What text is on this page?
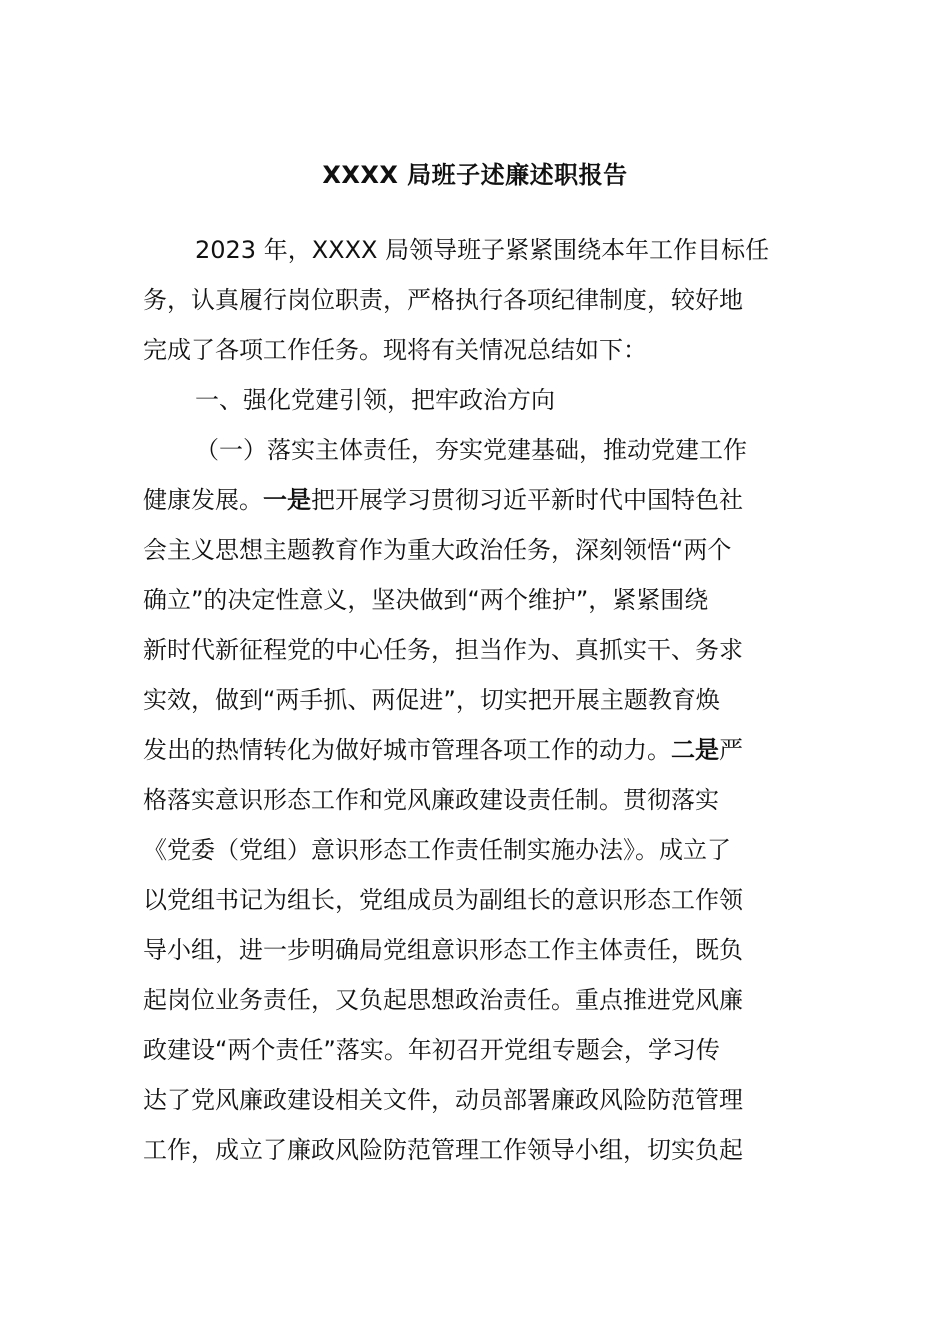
XXXX 局班子述廉述职报告
2023 年，XXXX 局领导班子紧紧围绕本年工作目标任
务，认真履行岗位职责，严格执行各项纪律制度，较好地
完成了各项工作任务。现将有关情况总结如下：
一、强化党建引领，把牢政治方向
（一）落实主体责任，夯实党建基础，推动党建工作
健康发展。一是把开展学习贯彻习近平新时代中国特色社
会主义思想主题教育作为重大政治任务，深刻领悟“两个
确立”的决定性意义，坚决做到“两个维护”，紧紧围绕
新时代新征程党的中心任务，担当作为、真抓实干、务求
实效，做到“两手抓、两促进”，切实把开展主题教育焕
发出的热情转化为做好城市管理各项工作的动力。二是严
格落实意识形态工作和党风廉政建设责任制。贯彻落实
《党委（党组）意识形态工作责任制实施办法》。成立了
以党组书记为组长，党组成员为副组长的意识形态工作领
导小组，进一步明确局党组意识形态工作主体责任，既负
起岗位业务责任，又负起思想政治责任。重点推进党风廉
政建设“两个责任”落实。年初召开党组专题会，学习传
达了党风廉政建设相关文件，动员部署廉政风险防范管理
工作，成立了廉政风险防范管理工作领导小组，切实负起
